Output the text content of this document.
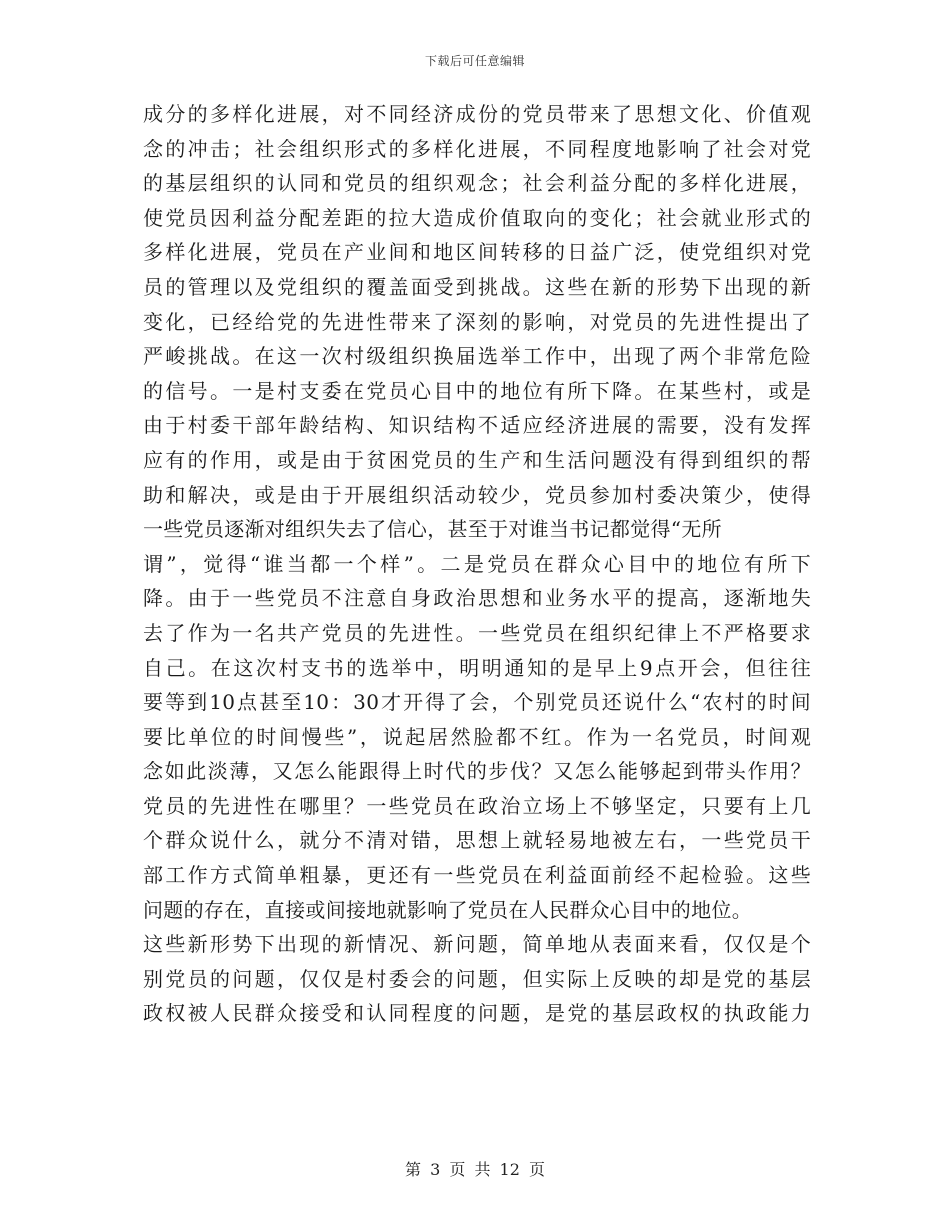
下载后可任意编辑
成分的多样化进展，对不同经济成份的党员带来了思想文化、价值观
念的冲击；社会组织形式的多样化进展，不同程度地影响了社会对党
的基层组织的认同和党员的组织观念；社会利益分配的多样化进展，
使党员因利益分配差距的拉大造成价值取向的变化；社会就业形式的
多样化进展，党员在产业间和地区间转移的日益广泛，使党组织对党
员的管理以及党组织的覆盖面受到挑战。这些在新的形势下出现的新
变化，已经给党的先进性带来了深刻的影响，对党员的先进性提出了
严峻挑战。在这一次村级组织换届选举工作中，出现了两个非常危险
的信号。一是村支委在党员心目中的地位有所下降。在某些村，或是
由于村委干部年龄结构、知识结构不适应经济进展的需要，没有发挥
应有的作用，或是由于贫困党员的生产和生活问题没有得到组织的帮
助和解决，或是由于开展组织活动较少，党员参加村委决策少，使得
一些党员逐渐对组织失去了信心，甚至于对谁当书记都觉得“无所
谓”，觉得“谁当都一个样”。二是党员在群众心目中的地位有所下
降。由于一些党员不注意自身政治思想和业务水平的提高，逐渐地失
去了作为一名共产党员的先进性。一些党员在组织纪律上不严格要求
自己。在这次村支书的选举中，明明通知的是早上9点开会，但往往
要等到10点甚至10：30才开得了会，个别党员还说什么“农村的时间
要比单位的时间慢些”，说起居然脸都不红。作为一名党员，时间观
念如此淡薄，又怎么能跟得上时代的步伐？又怎么能够起到带头作用？
党员的先进性在哪里？一些党员在政治立场上不够坚定，只要有上几
个群众说什么，就分不清对错，思想上就轻易地被左右，一些党员干
部工作方式简单粗暴，更还有一些党员在利益面前经不起检验。这些
问题的存在，直接或间接地就影响了党员在人民群众心目中的地位。
这些新形势下出现的新情况、新问题，简单地从表面来看，仅仅是个
别党员的问题，仅仅是村委会的问题，但实际上反映的却是党的基层
政权被人民群众接受和认同程度的问题，是党的基层政权的执政能力
第 3 页 共 12 页
